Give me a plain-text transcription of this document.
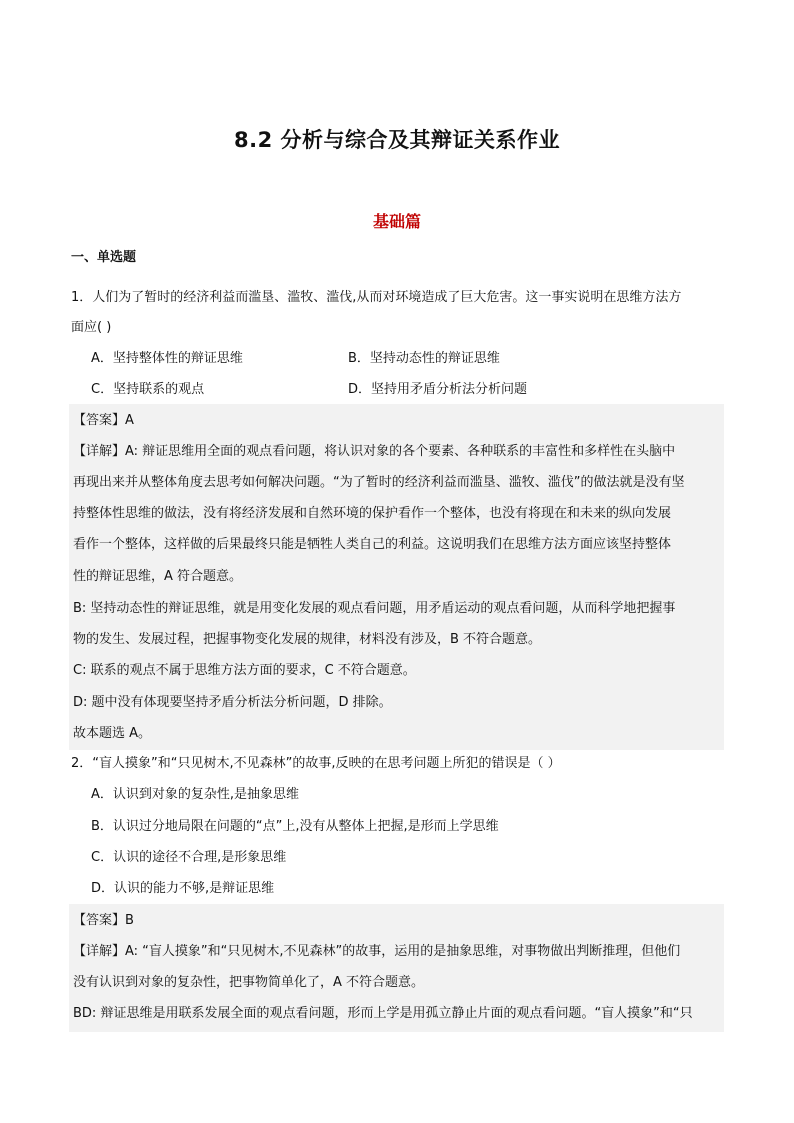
8.2 分析与综合及其辩证关系作业
基础篇
一、单选题
1．人们为了暂时的经济利益而滥垦、滥牧、滥伐,从而对环境造成了巨大危害。这一事实说明在思维方法方
面应( )
A．坚持整体性的辩证思维	B．坚持动态性的辩证思维
C．坚持联系的观点	D．坚持用矛盾分析法分析问题
【答案】A
【详解】A: 辩证思维用全面的观点看问题，将认识对象的各个要素、各种联系的丰富性和多样性在头脑中
再现出来并从整体角度去思考如何解决问题。“为了暂时的经济利益而滥垦、滥牧、滥伐”的做法就是没有坚
持整体性思维的做法，没有将经济发展和自然环境的保护看作一个整体，也没有将现在和未来的纵向发展
看作一个整体，这样做的后果最终只能是牺牲人类自己的利益。这说明我们在思维方法方面应该坚持整体
性的辩证思维，A 符合题意。
B: 坚持动态性的辩证思维，就是用变化发展的观点看问题，用矛盾运动的观点看问题，从而科学地把握事
物的发生、发展过程，把握事物变化发展的规律，材料没有涉及，B 不符合题意。
C: 联系的观点不属于思维方法方面的要求，C 不符合题意。
D: 题中没有体现要坚持矛盾分析法分析问题，D 排除。
故本题选 A。
2．“盲人摸象”和“只见树木,不见森林”的故事,反映的在思考问题上所犯的错误是（ ）
A．认识到对象的复杂性,是抽象思维
B．认识过分地局限在问题的“点”上,没有从整体上把握,是形而上学思维
C．认识的途径不合理,是形象思维
D．认识的能力不够,是辩证思维
【答案】B
【详解】A: “盲人摸象”和“只见树木,不见森林”的故事，运用的是抽象思维，对事物做出判断推理，但他们
没有认识到对象的复杂性，把事物简单化了，A 不符合题意。
BD: 辩证思维是用联系发展全面的观点看问题，形而上学是用孤立静止片面的观点看问题。“盲人摸象”和“只
